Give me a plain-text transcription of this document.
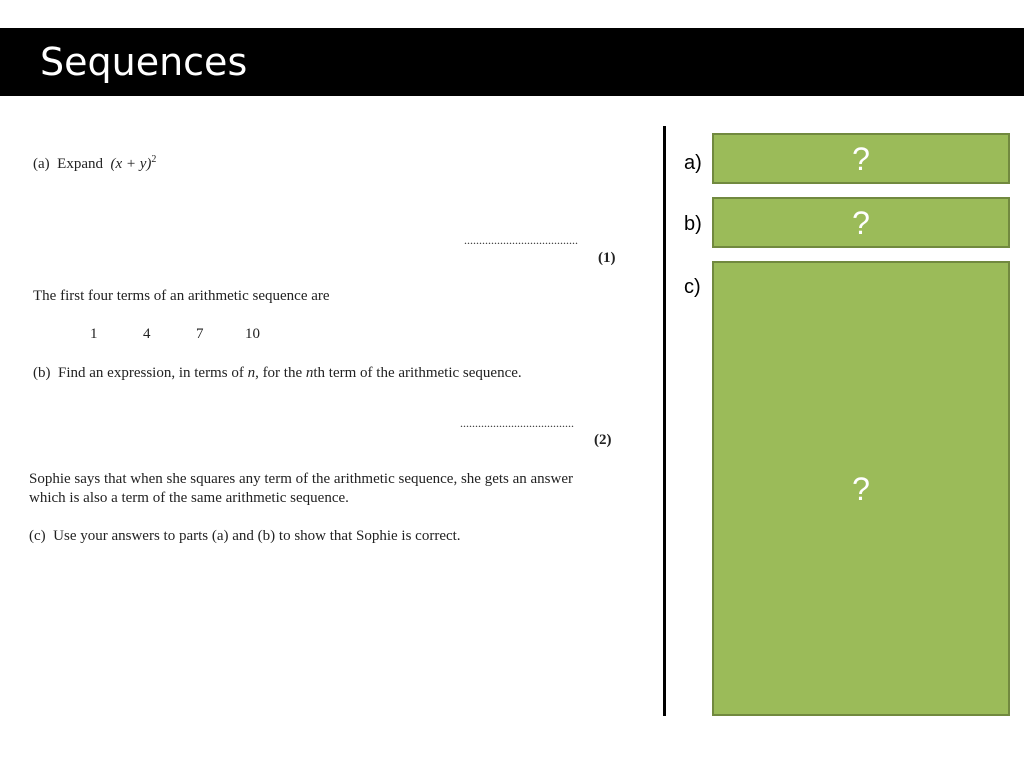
Sequences
(a) Expand $(x + y)^2$
......................................
(1)
The first four terms of an arithmetic sequence are
1	4	7	10
(b) Find an expression, in terms of n, for the nth term of the arithmetic sequence.
......................................
(2)
Sophie says that when she squares any term of the arithmetic sequence, she gets an answer
which is also a term of the same arithmetic sequence.
(c) Use your answers to parts (a) and (b) to show that Sophie is correct.
a)	?
b)	?
c)
?
